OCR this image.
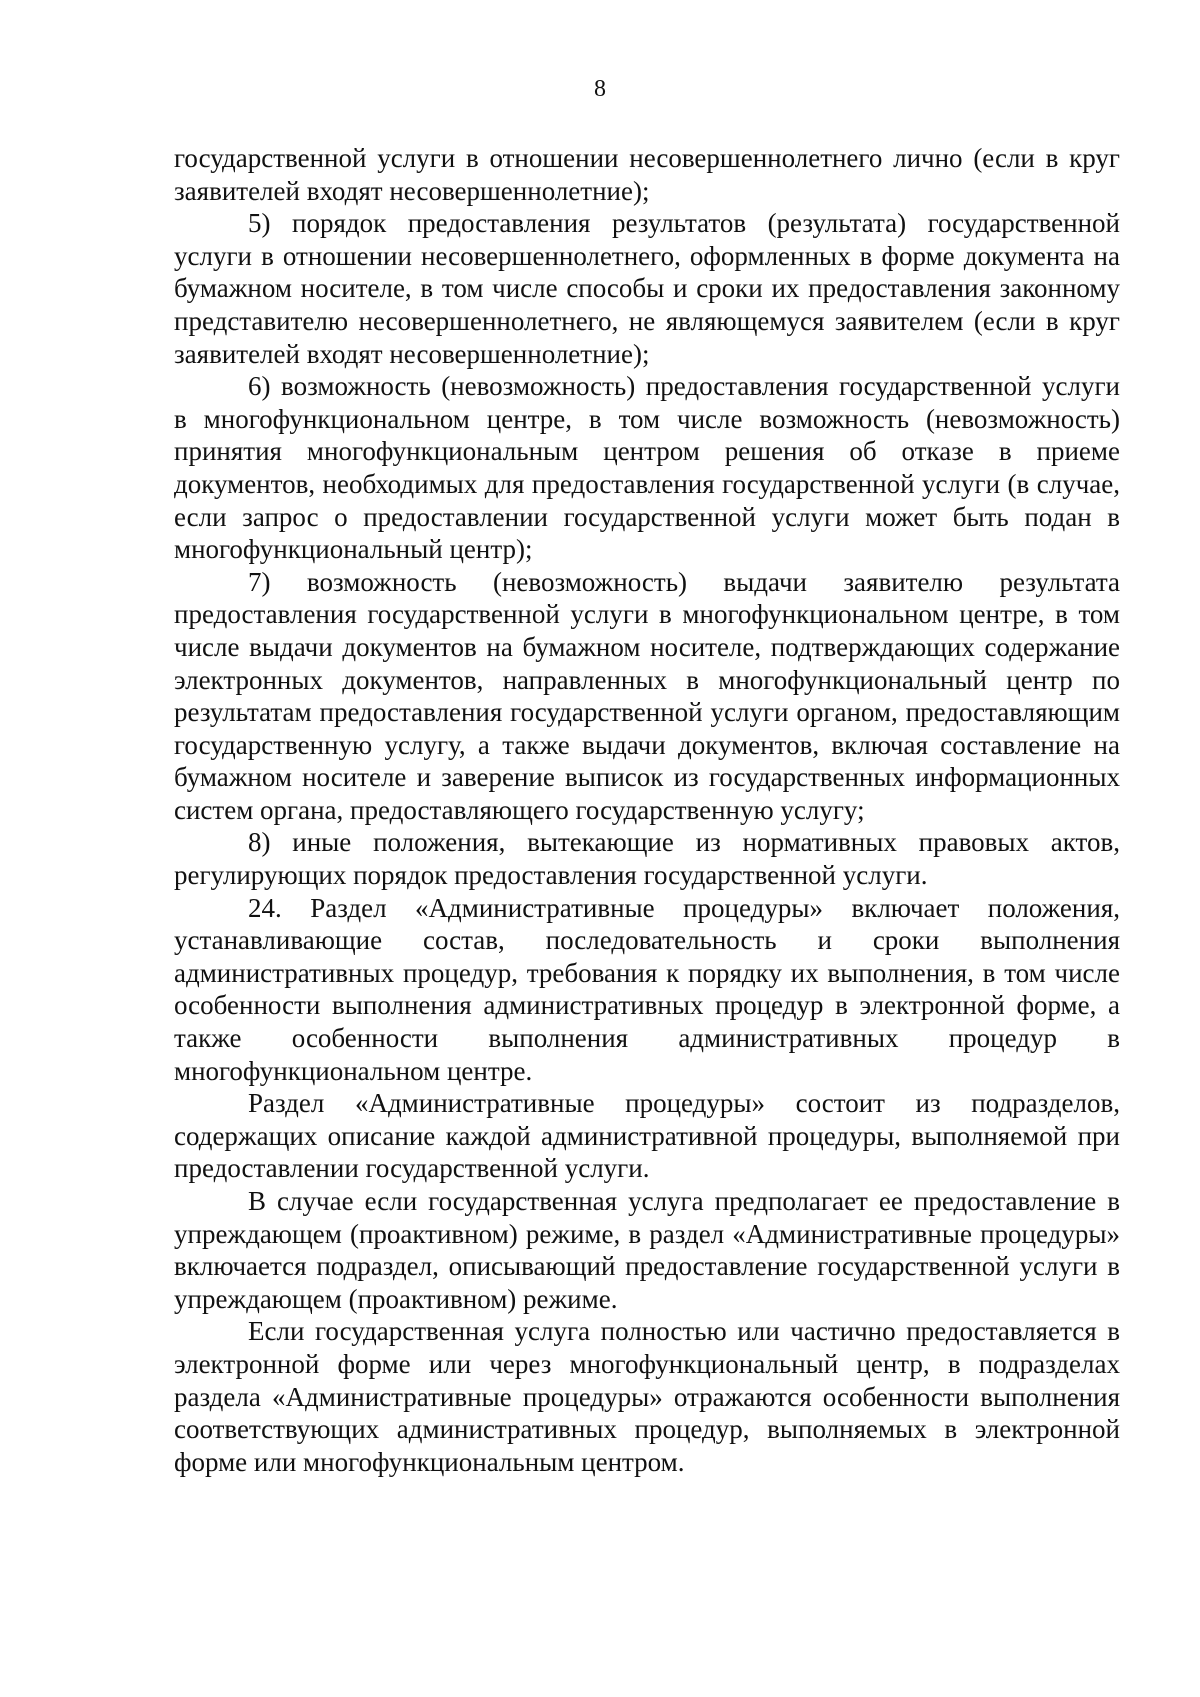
8

государственной услуги в отношении несовершеннолетнего лично (если в круг заявителей входят несовершеннолетние);

5) порядок предоставления результатов (результата) государственной услуги в отношении несовершеннолетнего, оформленных в форме документа на бумажном носителе, в том числе способы и сроки их предоставления законному представителю несовершеннолетнего, не являющемуся заявителем (если в круг заявителей входят несовершеннолетние);

6) возможность (невозможность) предоставления государственной услуги в многофункциональном центре, в том числе возможность (невозможность) принятия многофункциональным центром решения об отказе в приеме документов, необходимых для предоставления государственной услуги (в случае, если запрос о предоставлении государственной услуги может быть подан в многофункциональный центр);

7) возможность (невозможность) выдачи заявителю результата предоставления государственной услуги в многофункциональном центре, в том числе выдачи документов на бумажном носителе, подтверждающих содержание электронных документов, направленных в многофункциональный центр по результатам предоставления государственной услуги органом, предоставляющим государственную услугу, а также выдачи документов, включая составление на бумажном носителе и заверение выписок из государственных информационных систем органа, предоставляющего государственную услугу;

8) иные положения, вытекающие из нормативных правовых актов, регулирующих порядок предоставления государственной услуги.

24. Раздел «Административные процедуры» включает положения, устанавливающие состав, последовательность и сроки выполнения административных процедур, требования к порядку их выполнения, в том числе особенности выполнения административных процедур в электронной форме, а также особенности выполнения административных процедур в многофункциональном центре.

Раздел «Административные процедуры» состоит из подразделов, содержащих описание каждой административной процедуры, выполняемой при предоставлении государственной услуги.

В случае если государственная услуга предполагает ее предоставление в упреждающем (проактивном) режиме, в раздел «Административные процедуры» включается подраздел, описывающий предоставление государственной услуги в упреждающем (проактивном) режиме.

Если государственная услуга полностью или частично предоставляется в электронной форме или через многофункциональный центр, в подразделах раздела «Административные процедуры» отражаются особенности выполнения соответствующих административных процедур, выполняемых в электронной форме или многофункциональным центром.
